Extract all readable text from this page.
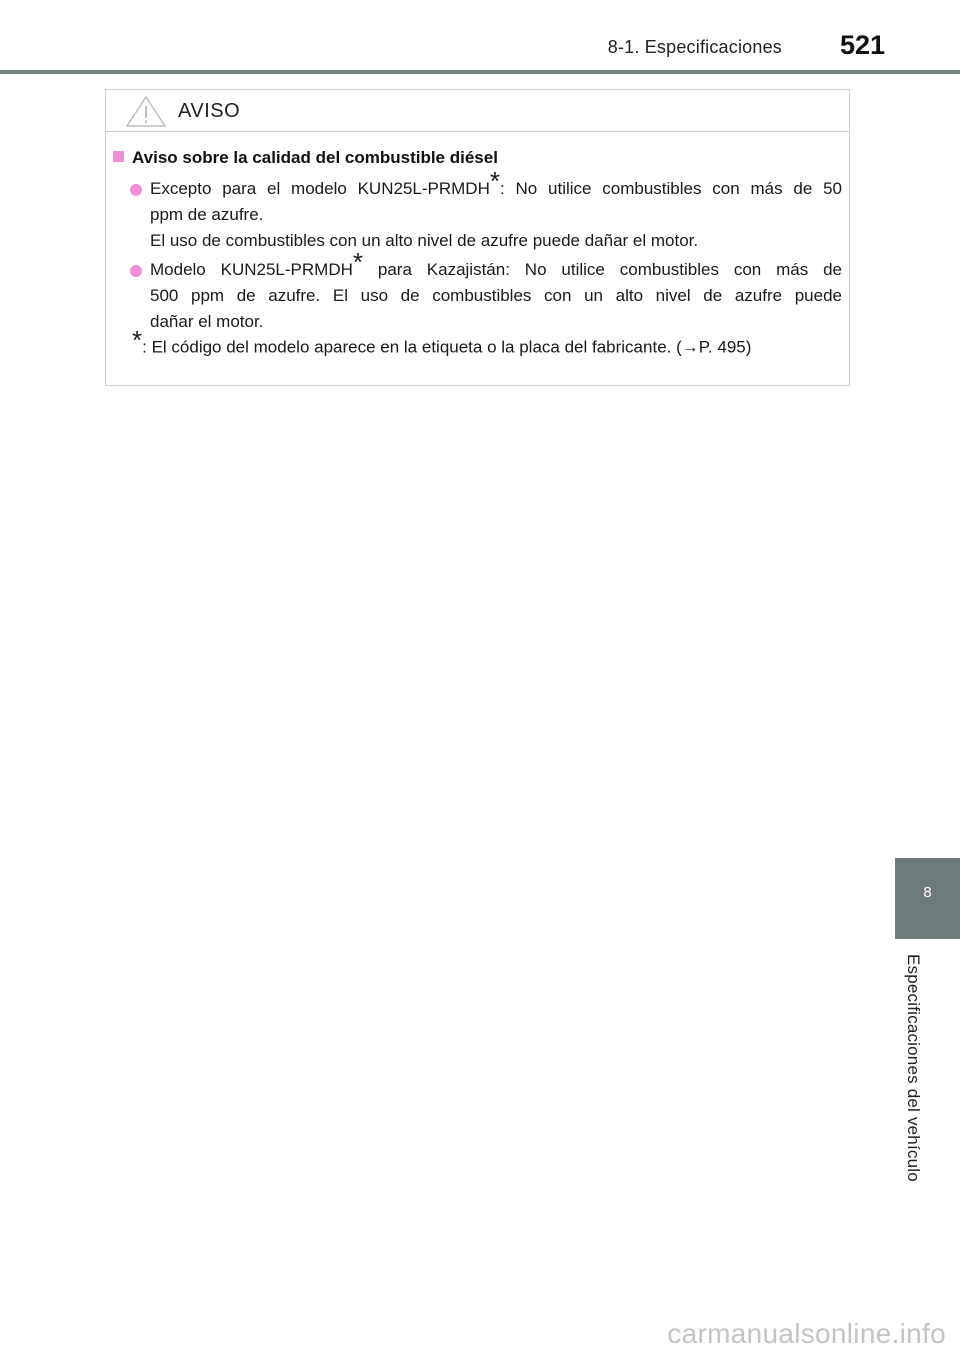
8-1. Especificaciones 521
AVISO
Aviso sobre la calidad del combustible diésel
Excepto para el modelo KUN25L-PRMDH*: No utilice combustibles con más de 50
ppm de azufre.
El uso de combustibles con un alto nivel de azufre puede dañar el motor.
Modelo KUN25L-PRMDH* para Kazajistán: No utilice combustibles con más de
500 ppm de azufre. El uso de combustibles con un alto nivel de azufre puede
dañar el motor.
*: El código del modelo aparece en la etiqueta o la placa del fabricante. (→P. 495)
8
Especificaciones del vehículo
carmanualsonline.info
